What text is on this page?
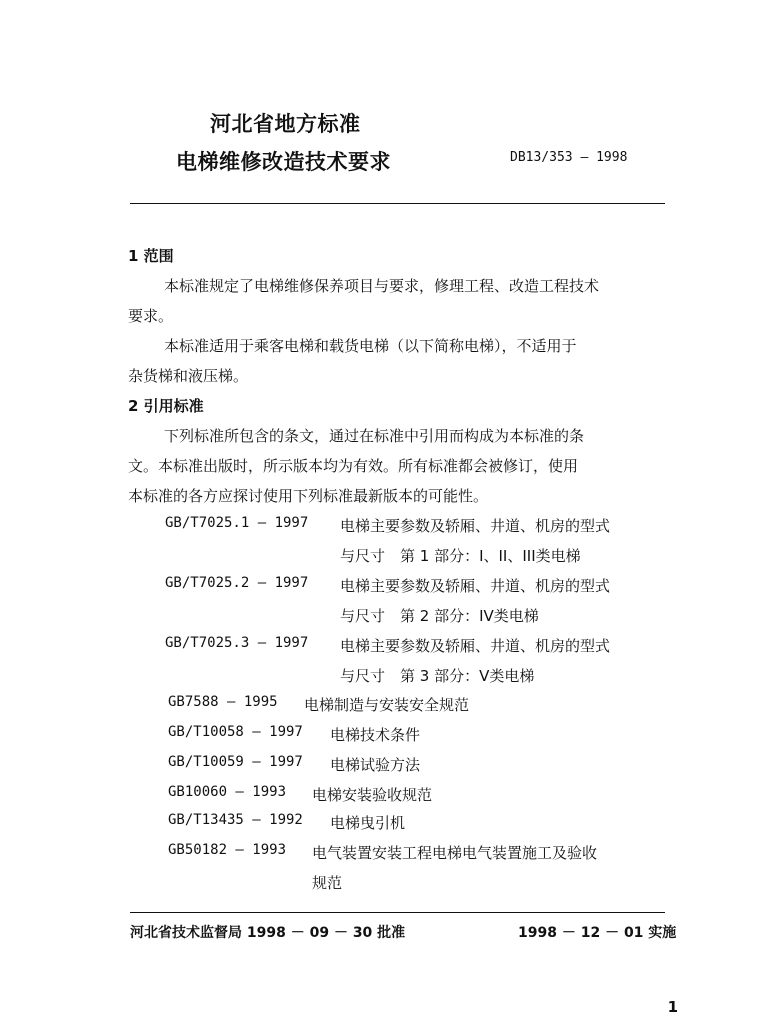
河北省地方标准
电梯维修改造技术要求	DB13/353 — 1998
1 范围
本标准规定了电梯维修保养项目与要求，修理工程、改造工程技术
要求。
本标准适用于乘客电梯和载货电梯（以下简称电梯），不适用于
杂货梯和液压梯。
2 引用标准
下列标准所包含的条文，通过在标准中引用而构成为本标准的条
文。本标准出版时，所示版本均为有效。所有标准都会被修订，使用
本标准的各方应探讨使用下列标准最新版本的可能性。
GB/T7025.1 — 1997 电梯主要参数及轿厢、井道、机房的型式
与尺寸　第 1 部分：I、II、III类电梯
GB/T7025.2 — 1997 电梯主要参数及轿厢、井道、机房的型式
与尺寸　第 2 部分：IV类电梯
GB/T7025.3 — 1997 电梯主要参数及轿厢、井道、机房的型式
与尺寸　第 3 部分：V类电梯
GB7588 — 1995 电梯制造与安装安全规范
GB/T10058 — 1997 电梯技术条件
GB/T10059 — 1997 电梯试验方法
GB10060 — 1993 电梯安装验收规范
GB/T13435 — 1992 电梯曳引机
GB50182 — 1993 电气装置安装工程电梯电气装置施工及验收
规范
河北省技术监督局 1998 － 09 － 30 批准	1998 － 12 － 01 实施
1
